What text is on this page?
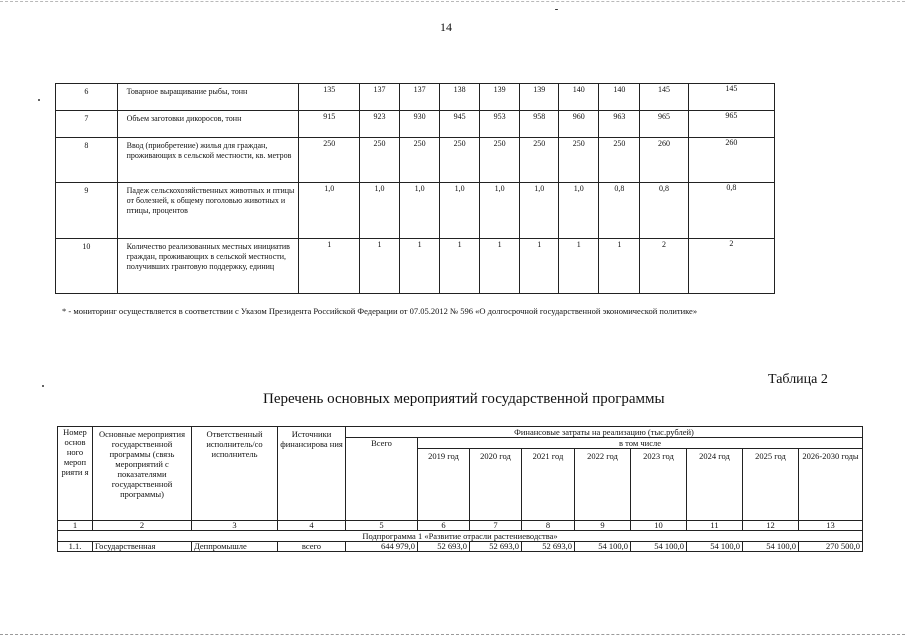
14
6	Товарное выращивание рыбы, тонн	135	137	137	138	139	139	140	140	145	145
7	Объем заготовки дикоросов, тонн	915	923	930	945	953	958	960	963	965	965
8	Ввод (приобретение) жилья для граждан, проживающих в сельской местности, кв. метров	250	250	250	250	250	250	250	250	260	260
9	Падеж сельскохозяйственных животных и птицы от болезней, к общему поголовью животных и птицы, процентов	1,0	1,0	1,0	1,0	1,0	1,0	1,0	0,8	0,8	0,8
10	Количество реализованных местных инициатив граждан, проживающих в сельской местности, получивших грантовую поддержку, единиц	1	1	1	1	1	1	1	1	2	2
* - мониторинг осуществляется в соответствии с Указом Президента Российской Федерации от 07.05.2012 № 596 «О долгосрочной государственной экономической политике»
Таблица 2
Перечень основных мероприятий государственной программы
Номер основ ного мероп рияти я	Основные мероприятия государственной программы (связь мероприятий с показателями государственной программы)	Ответственный исполнитель/со исполнитель	Источники финансирова ния	Финансовые затраты на реализацию (тыс.рублей)								
				Всего	в том числе							
					2019 год	2020 год	2021 год	2022 год	2023 год	2024 год	2025 год	2026-2030 годы
1	2	3	4	5	6	7	8	9	10	11	12	13
Подпрограмма 1 «Развитие отрасли растениеводства»												
1.1.	Государственная	Деппромышле	всего	644 979,0	52 693,0	52 693,0	52 693,0	54 100,0	54 100,0	54 100,0	54 100,0	270 500,0
